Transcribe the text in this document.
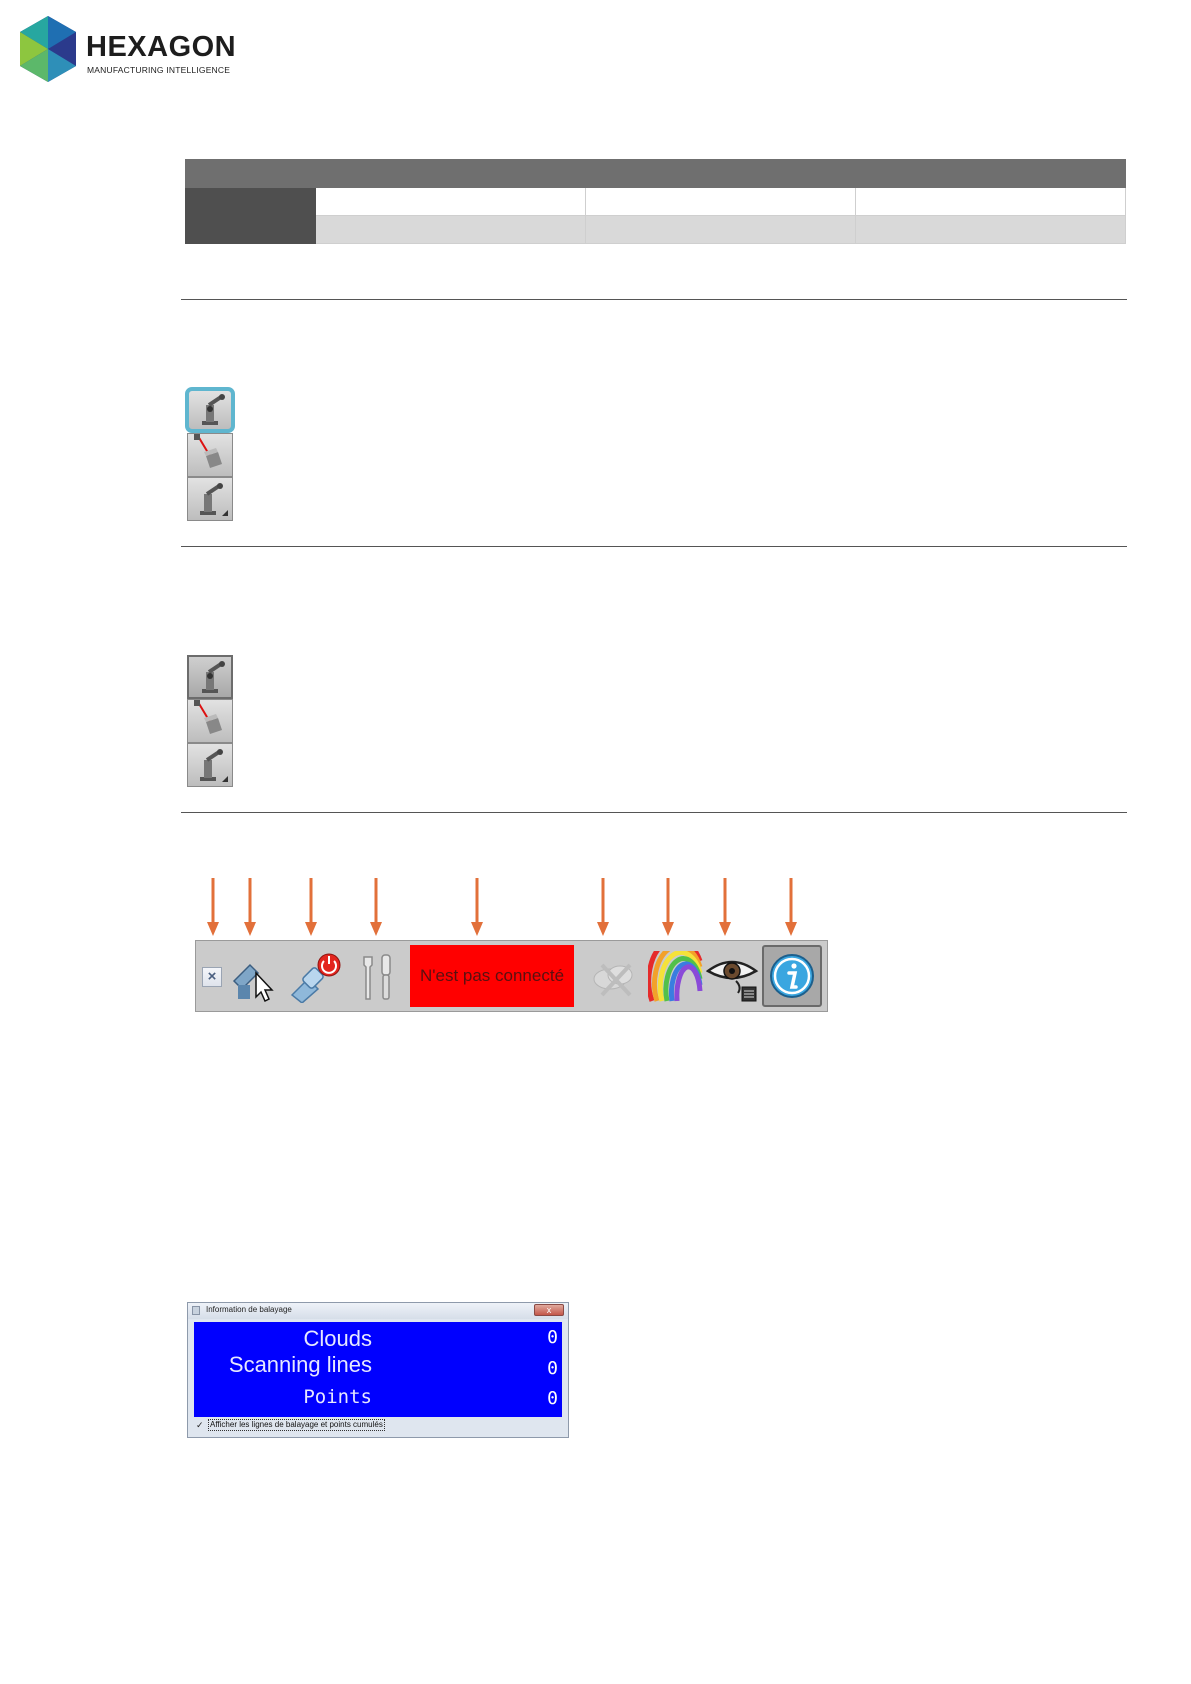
HEXAGON
MANUFACTURING INTELLIGENCE

×	N'est pas connecté
Information de balayage	x
Clouds	0
Scanning lines	0
Points	0
✓ Afficher les lignes de balayage et points cumulés
